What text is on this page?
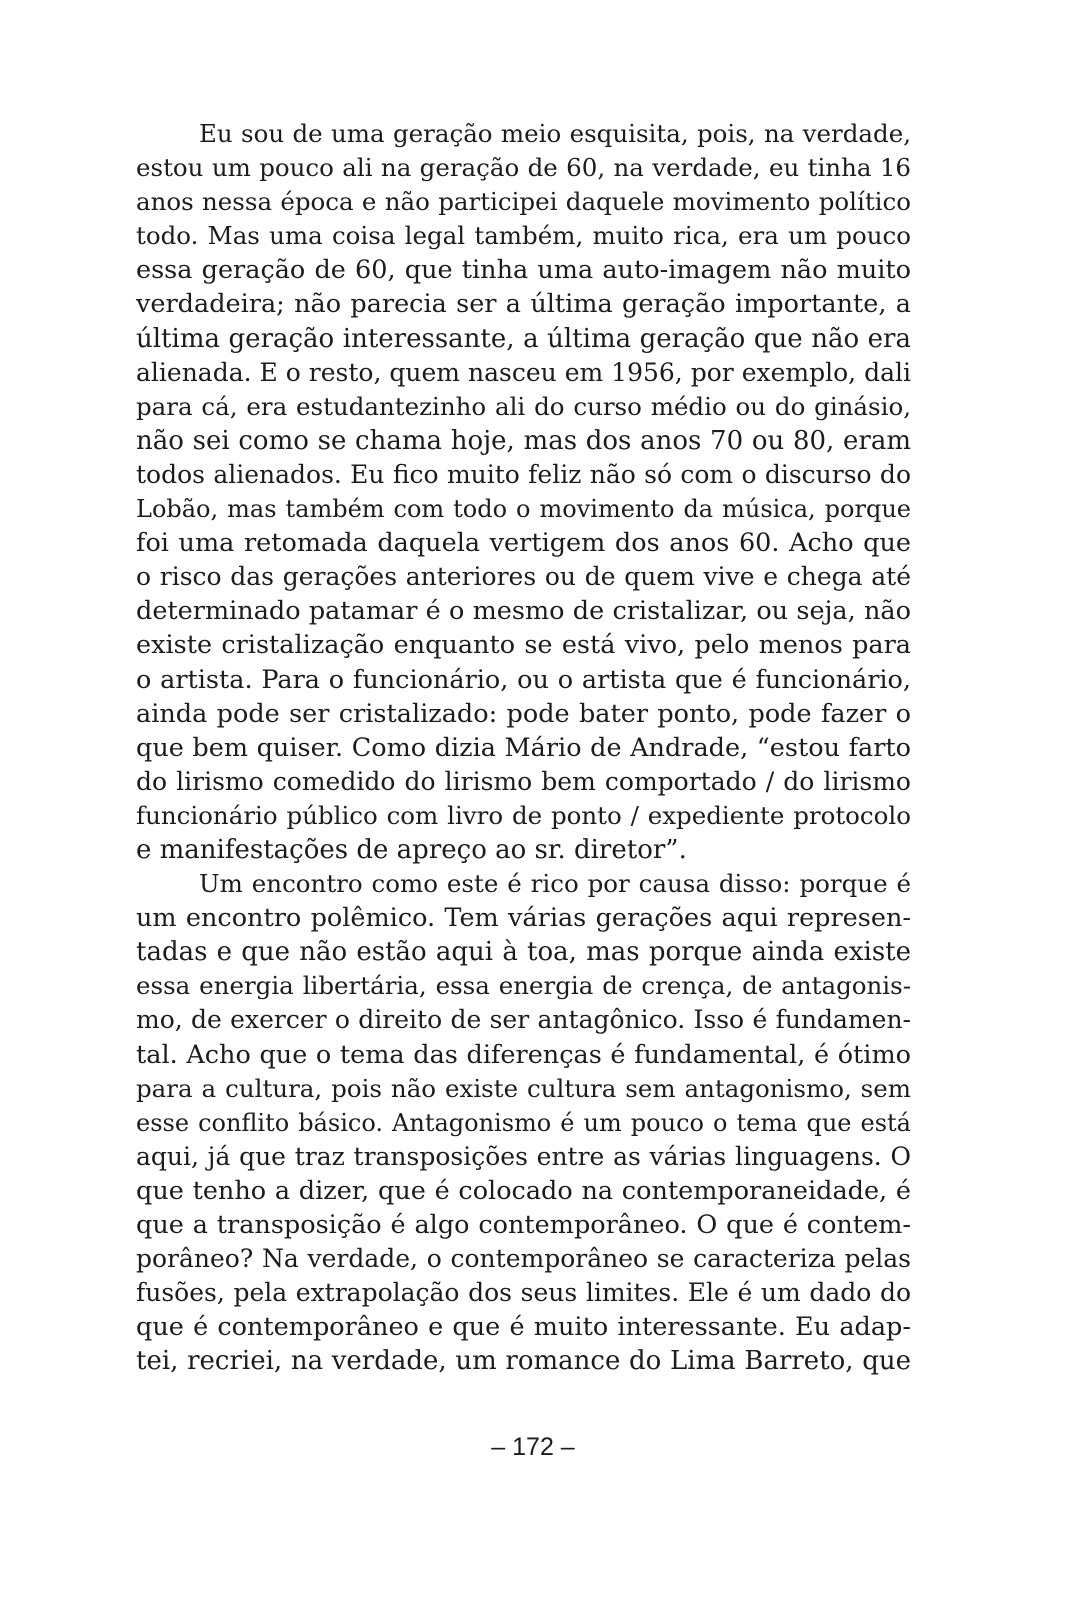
Eu sou de uma geração meio esquisita, pois, na verdade,
estou um pouco ali na geração de 60, na verdade, eu tinha 16
anos nessa época e não participei daquele movimento político
todo. Mas uma coisa legal também, muito rica, era um pouco
essa geração de 60, que tinha uma auto-imagem não muito
verdadeira; não parecia ser a última geração importante, a
última geração interessante, a última geração que não era
alienada. E o resto, quem nasceu em 1956, por exemplo, dali
para cá, era estudantezinho ali do curso médio ou do ginásio,
não sei como se chama hoje, mas dos anos 70 ou 80, eram
todos alienados. Eu fico muito feliz não só com o discurso do
Lobão, mas também com todo o movimento da música, porque
foi uma retomada daquela vertigem dos anos 60. Acho que
o risco das gerações anteriores ou de quem vive e chega até
determinado patamar é o mesmo de cristalizar, ou seja, não
existe cristalização enquanto se está vivo, pelo menos para
o artista. Para o funcionário, ou o artista que é funcionário,
ainda pode ser cristalizado: pode bater ponto, pode fazer o
que bem quiser. Como dizia Mário de Andrade, “estou farto
do lirismo comedido do lirismo bem comportado / do lirismo
funcionário público com livro de ponto / expediente protocolo
e manifestações de apreço ao sr. diretor”.

Um encontro como este é rico por causa disso: porque é
um encontro polêmico. Tem várias gerações aqui represen-
tadas e que não estão aqui à toa, mas porque ainda existe
essa energia libertária, essa energia de crença, de antagonis-
mo, de exercer o direito de ser antagônico. Isso é fundamen-
tal. Acho que o tema das diferenças é fundamental, é ótimo
para a cultura, pois não existe cultura sem antagonismo, sem
esse conflito básico. Antagonismo é um pouco o tema que está
aqui, já que traz transposições entre as várias linguagens. O
que tenho a dizer, que é colocado na contemporaneidade, é
que a transposição é algo contemporâneo. O que é contem-
porâneo? Na verdade, o contemporâneo se caracteriza pelas
fusões, pela extrapolação dos seus limites. Ele é um dado do
que é contemporâneo e que é muito interessante. Eu adap-
tei, recriei, na verdade, um romance do Lima Barreto, que

– 172 –
